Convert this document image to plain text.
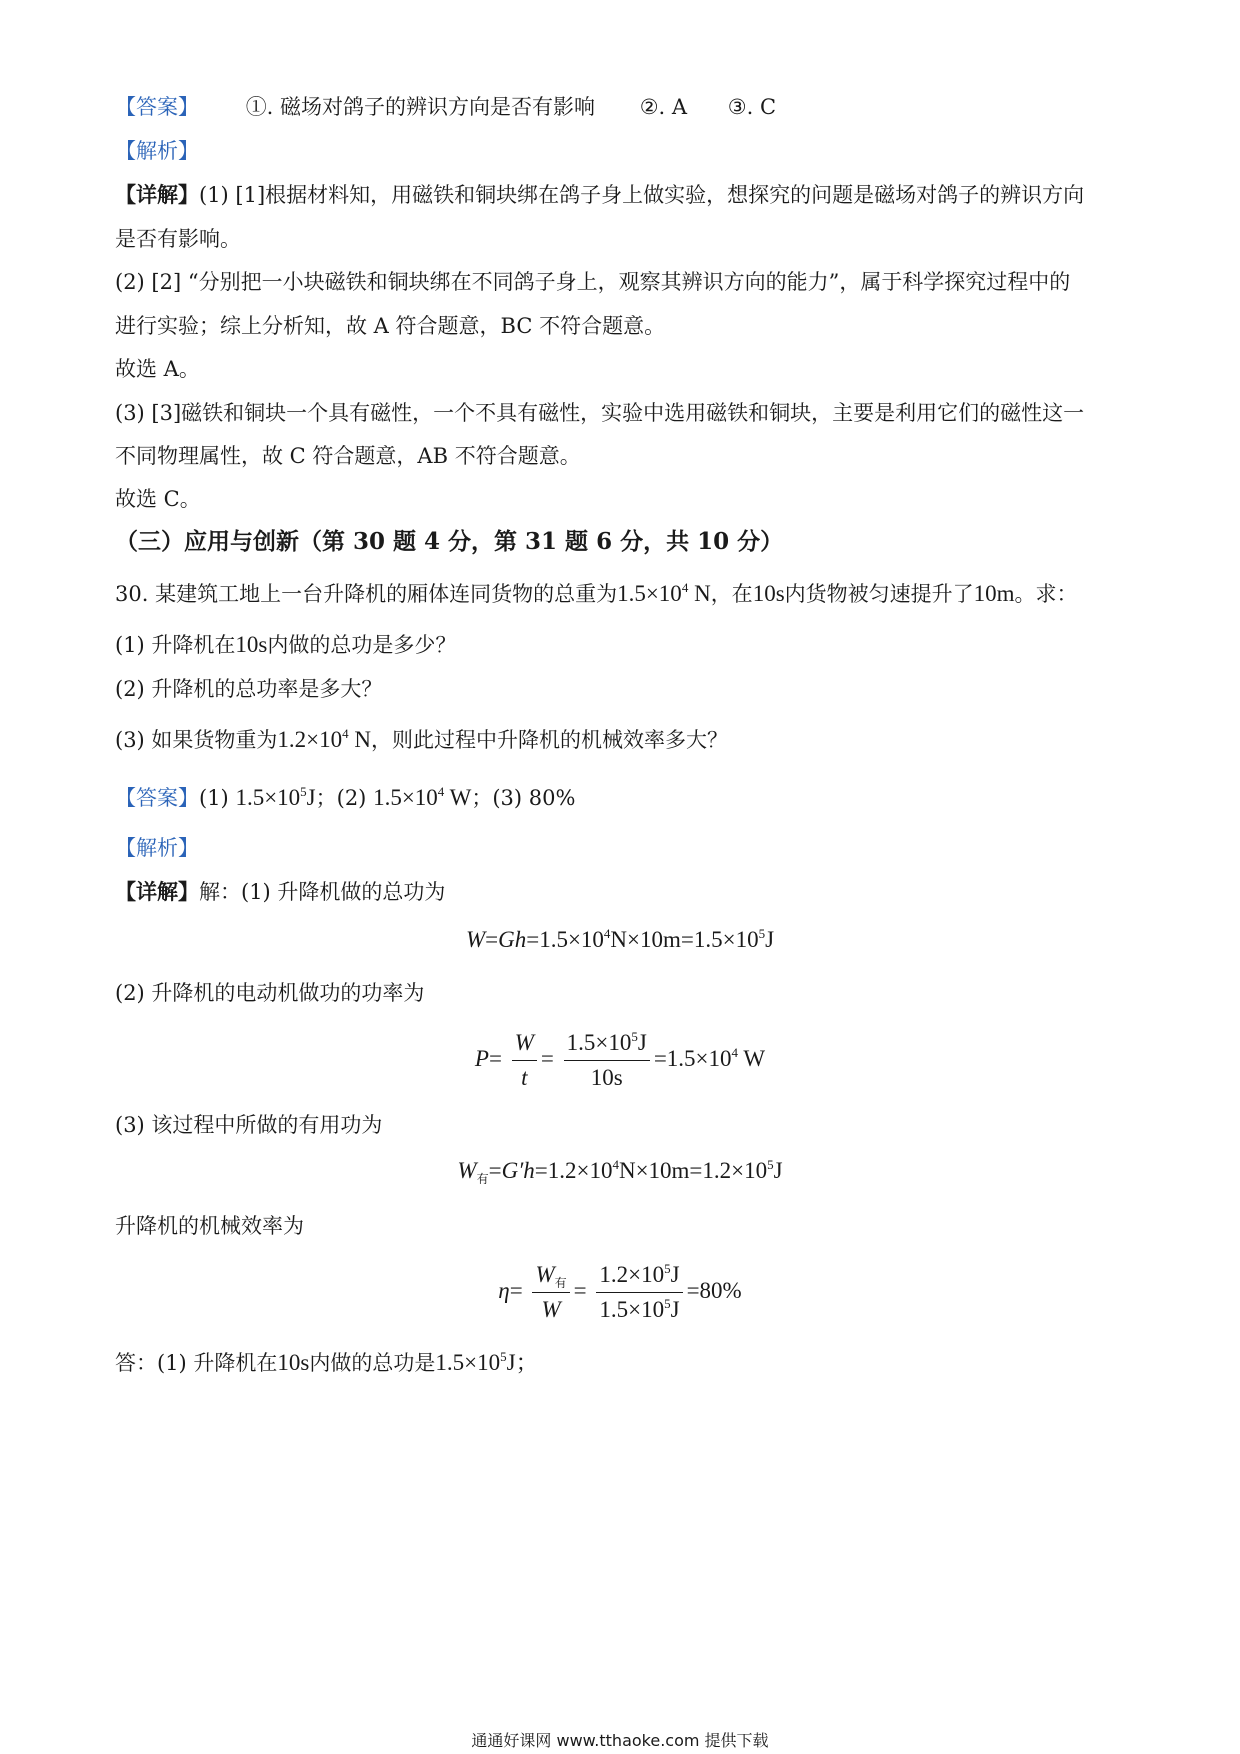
【答案】 ①. 磁场对鸽子的辨识方向是否有影响 ②. A ③. C
【解析】
【详解】(1) [1]根据材料知，用磁铁和铜块绑在鸽子身上做实验，想探究的问题是磁场对鸽子的辨识方向
是否有影响。
(2) [2] “分别把一小块磁铁和铜块绑在不同鸽子身上，观察其辨识方向的能力”，属于科学探究过程中的
进行实验；综上分析知，故 A 符合题意，BC 不符合题意。
故选 A。
(3) [3]磁铁和铜块一个具有磁性，一个不具有磁性，实验中选用磁铁和铜块，主要是利用它们的磁性这一
不同物理属性，故 C 符合题意，AB 不符合题意。
故选 C。
（三）应用与创新（第 30 题 4 分，第 31 题 6 分，共 10 分）
30. 某建筑工地上一台升降机的厢体连同货物的总重为$1.5\times 10^4$ N，在10s内货物被匀速提升了10m。求：
(1) 升降机在10s内做的总功是多少？
(2) 升降机的总功率是多大？
(3) 如果货物重为$1.2\times 10^4$ N，则此过程中升降机的机械效率多大？
【答案】(1) $1.5\times 10^5J$；(2) $1.5\times 10^4$ W；(3) 80%
【解析】
【详解】解：(1) 升降机做的总功为
$W=Gh=1.5\times 10^4N\times 10m=1.5\times 10^5J$
(2) 升降机的电动机做功的功率为
$P= \frac{W}{t} = \frac{1.5\times 10^5J}{10s} =1.5\times 10^4$ W
(3) 该过程中所做的有用功为
$W_有=G'h=1.2\times 10^4N\times 10m=1.2\times 10^5J$
升降机的机械效率为
$\eta= \frac{W_有}{W} = \frac{1.2\times 10^5J}{1.5\times 10^5J} =80\%$
答：(1) 升降机在10s内做的总功是$1.5\times 10^5J$；
通通好课网 www.tthaoke.com 提供下载
